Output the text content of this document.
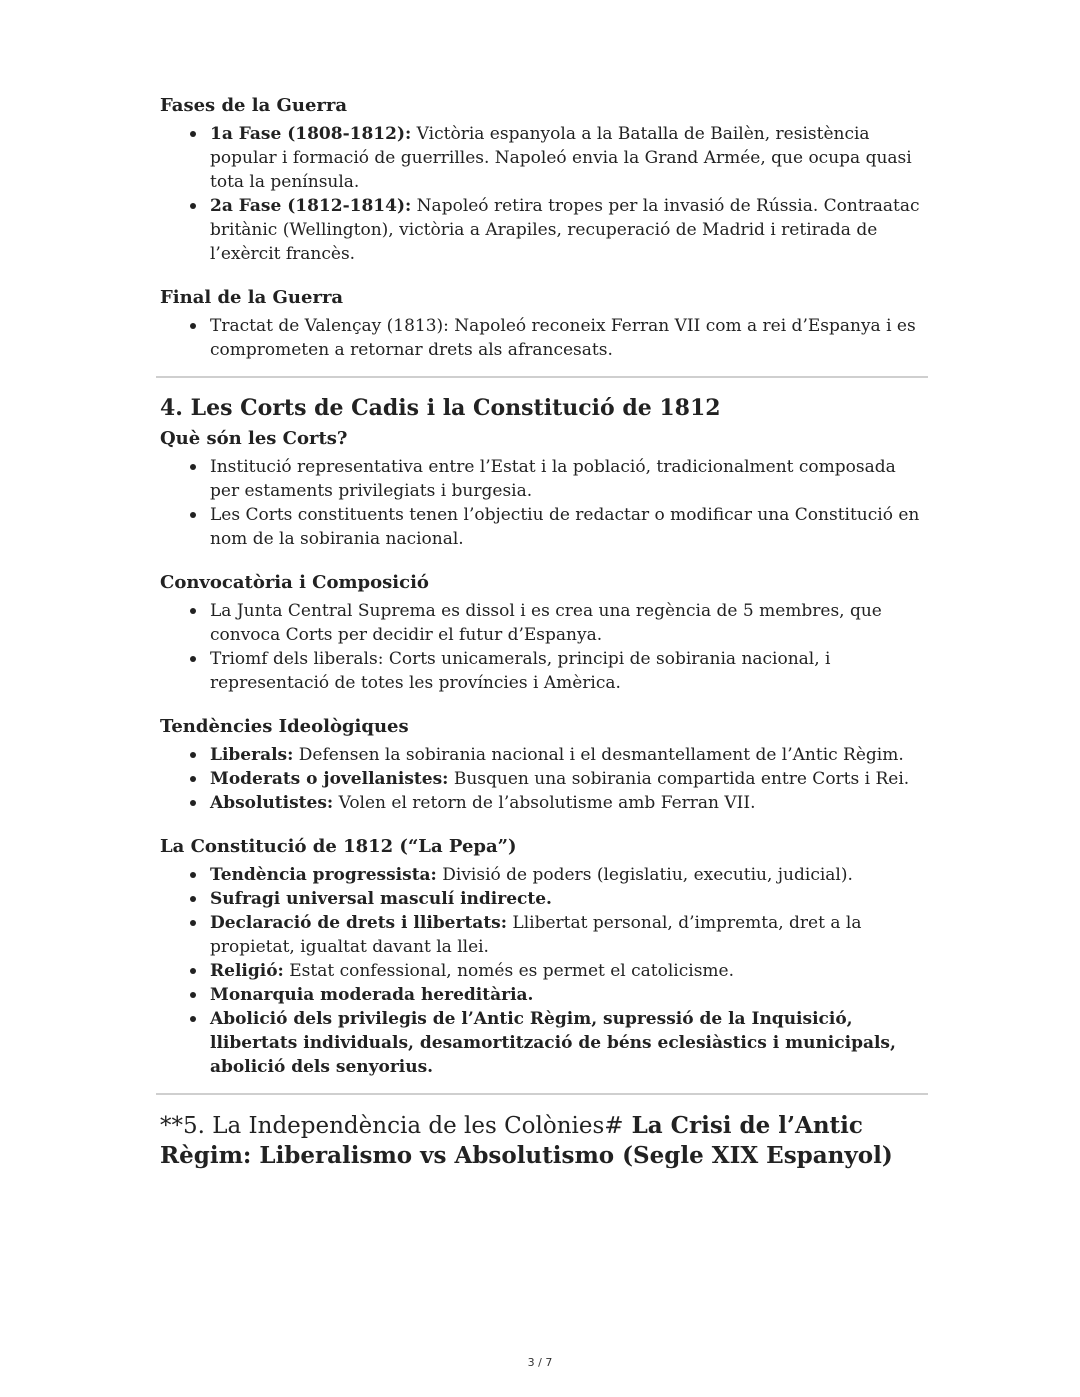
Fases de la Guerra
1a Fase (1808-1812): Victòria espanyola a la Batalla de Bailèn, resistència popular i formació de guerrilles. Napoleó envia la Grand Armée, que ocupa quasi tota la península.
2a Fase (1812-1814): Napoleó retira tropes per la invasió de Rússia. Contraatac britànic (Wellington), victòria a Arapiles, recuperació de Madrid i retirada de l’exèrcit francès.
Final de la Guerra
Tractat de Valençay (1813): Napoleó reconeix Ferran VII com a rei d’Espanya i es comprometen a retornar drets als afrancesats.
4. Les Corts de Cadis i la Constitució de 1812
Què són les Corts?
Institució representativa entre l’Estat i la població, tradicionalment composada per estaments privilegiats i burgesia.
Les Corts constituents tenen l’objectiu de redactar o modificar una Constitució en nom de la sobirania nacional.
Convocatòria i Composició
La Junta Central Suprema es dissol i es crea una regència de 5 membres, que convoca Corts per decidir el futur d’Espanya.
Triomf dels liberals: Corts unicamerals, principi de sobirania nacional, i representació de totes les províncies i Amèrica.
Tendències Ideològiques
Liberals: Defensen la sobirania nacional i el desmantellament de l’Antic Règim.
Moderats o jovellanistes: Busquen una sobirania compartida entre Corts i Rei.
Absolutistes: Volen el retorn de l’absolutisme amb Ferran VII.
La Constitució de 1812 (“La Pepa”)
Tendència progressista: Divisió de poders (legislatiu, executiu, judicial).
Sufragi universal masculí indirecte.
Declaració de drets i llibertats: Llibertat personal, d’impremta, dret a la propietat, igualtat davant la llei.
Religió: Estat confessional, només es permet el catolicisme.
Monarquia moderada hereditària.
Abolició dels privilegis de l’Antic Règim, supressió de la Inquisició, llibertats individuals, desamortització de béns eclesiàstics i municipals, abolició dels senyorius.
**5. La Independència de les Colònies# La Crisi de l’Antic Règim: Liberalismo vs Absolutismo (Segle XIX Espanyol)
3 / 7
